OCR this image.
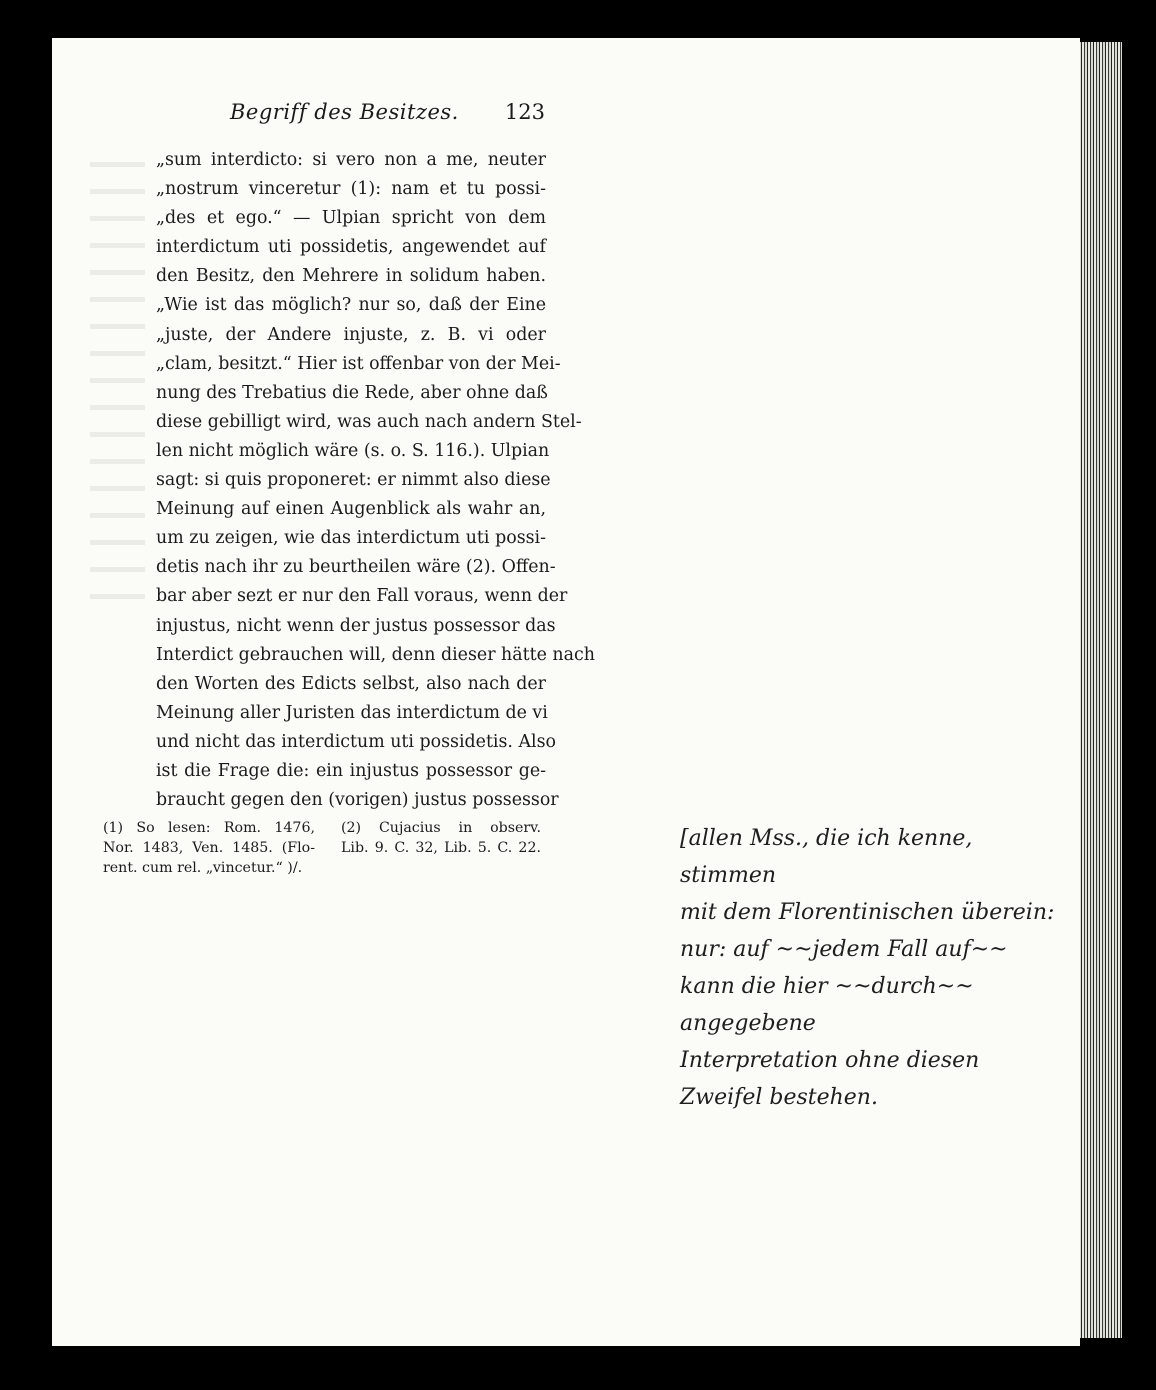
Begriff des Besitzes. 123
„sum interdicto: si vero non a me, neuter
„nostrum vinceretur (1): nam et tu possi-
„des et ego.“ — Ulpian spricht von dem
interdictum uti possidetis, angewendet auf
den Besitz, den Mehrere in solidum haben.
„Wie ist das möglich? nur so, daß der Eine
„juste, der Andere injuste, z. B. vi oder
„clam, besitzt.“ Hier ist offenbar von der Mei-
nung des Trebatius die Rede, aber ohne daß
diese gebilligt wird, was auch nach andern Stel-
len nicht möglich wäre (s. o. S. 116.). Ulpian
sagt: si quis proponeret: er nimmt also diese
Meinung auf einen Augenblick als wahr an,
um zu zeigen, wie das interdictum uti possi-
detis nach ihr zu beurtheilen wäre (2). Offen-
bar aber sezt er nur den Fall voraus, wenn der
injustus, nicht wenn der justus possessor das
Interdict gebrauchen will, denn dieser hätte nach
den Worten des Edicts selbst, also nach der
Meinung aller Juristen das interdictum de vi
und nicht das interdictum uti possidetis. Also
ist die Frage die: ein injustus possessor ge-
braucht gegen den (vorigen) justus possessor
(1) So lesen: Rom. 1476,
Nor. 1483, Ven. 1485. (Flo-
rent. cum rel. „vincetur.“ )/.
(2) Cujacius in observ.
Lib. 9. C. 32, Lib. 5. C. 22.	[allen Mss., die ich kenne, stimmen
mit dem Florentinischen überein:
nur: auf ~~jedem Fall auf~~
kann die hier ~~durch~~ angegebene
Interpretation ohne diesen
Zweifel bestehen.
